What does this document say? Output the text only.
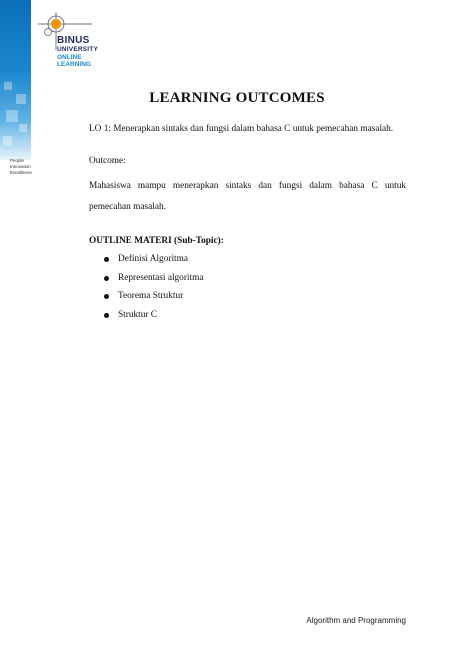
BINUS
UNIVERSITY
ONLINE
LEARNING
People
Innovation
Excellence
LEARNING OUTCOMES
LO 1: Menerapkan sintaks dan fungsi dalam bahasa C untuk pemecahan masalah.
Outcome:
Mahasiswa mampu menerapkan sintaks dan fungsi dalam bahasa C untuk pemecahan masalah.
OUTLINE MATERI (Sub-Topic):
Definisi Algoritma
Representasi algoritma
Teorema Struktur
Struktur C
Algorithm and Programming
